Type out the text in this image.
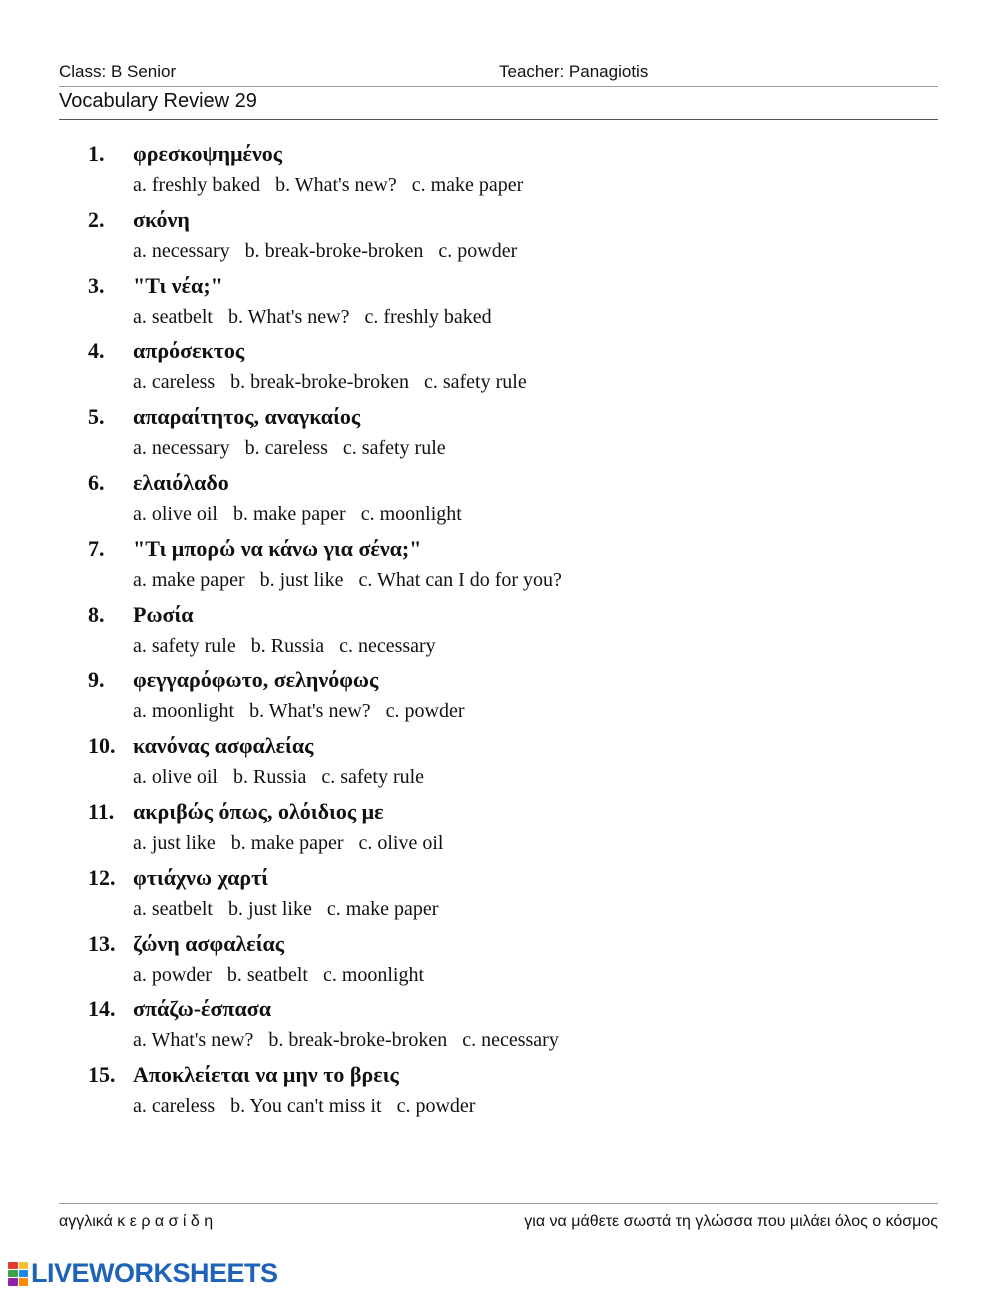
Class: B Senior	Teacher: Panagiotis
Vocabulary Review 29
1.	φρεσκοψημένος
a. freshly baked   b. What's new?   c. make paper
2.	σκόνη
a. necessary   b. break-broke-broken   c. powder
3.	"Τι νέα;"
a. seatbelt   b. What's new?   c. freshly baked
4.	απρόσεκτος
a. careless   b. break-broke-broken   c. safety rule
5.	απαραίτητος, αναγκαίος
a. necessary   b. careless   c. safety rule
6.	ελαιόλαδο
a. olive oil   b. make paper   c. moonlight
7.	"Τι μπορώ να κάνω για σένα;"
a. make paper   b. just like   c. What can I do for you?
8.	Ρωσία
a. safety rule   b. Russia   c. necessary
9.	φεγγαρόφωτο, σεληνόφως
a. moonlight   b. What's new?   c. powder
10. κανόνας ασφαλείας
a. olive oil   b. Russia   c. safety rule
11. ακριβώς όπως, ολόιδιος με
a. just like   b. make paper   c. olive oil
12. φτιάχνω χαρτί
a. seatbelt   b. just like   c. make paper
13. ζώνη ασφαλείας
a. powder   b. seatbelt   c. moonlight
14. σπάζω-έσπασα
a. What's new?   b. break-broke-broken   c. necessary
15. Αποκλείεται να μην το βρεις
a. careless   b. You can't miss it   c. powder
αγγλικά κ ε ρ α σ ί δ η	για να μάθετε σωστά τη γλώσσα που μιλάει όλος ο κόσμος
LIVEWORKSHEETS
